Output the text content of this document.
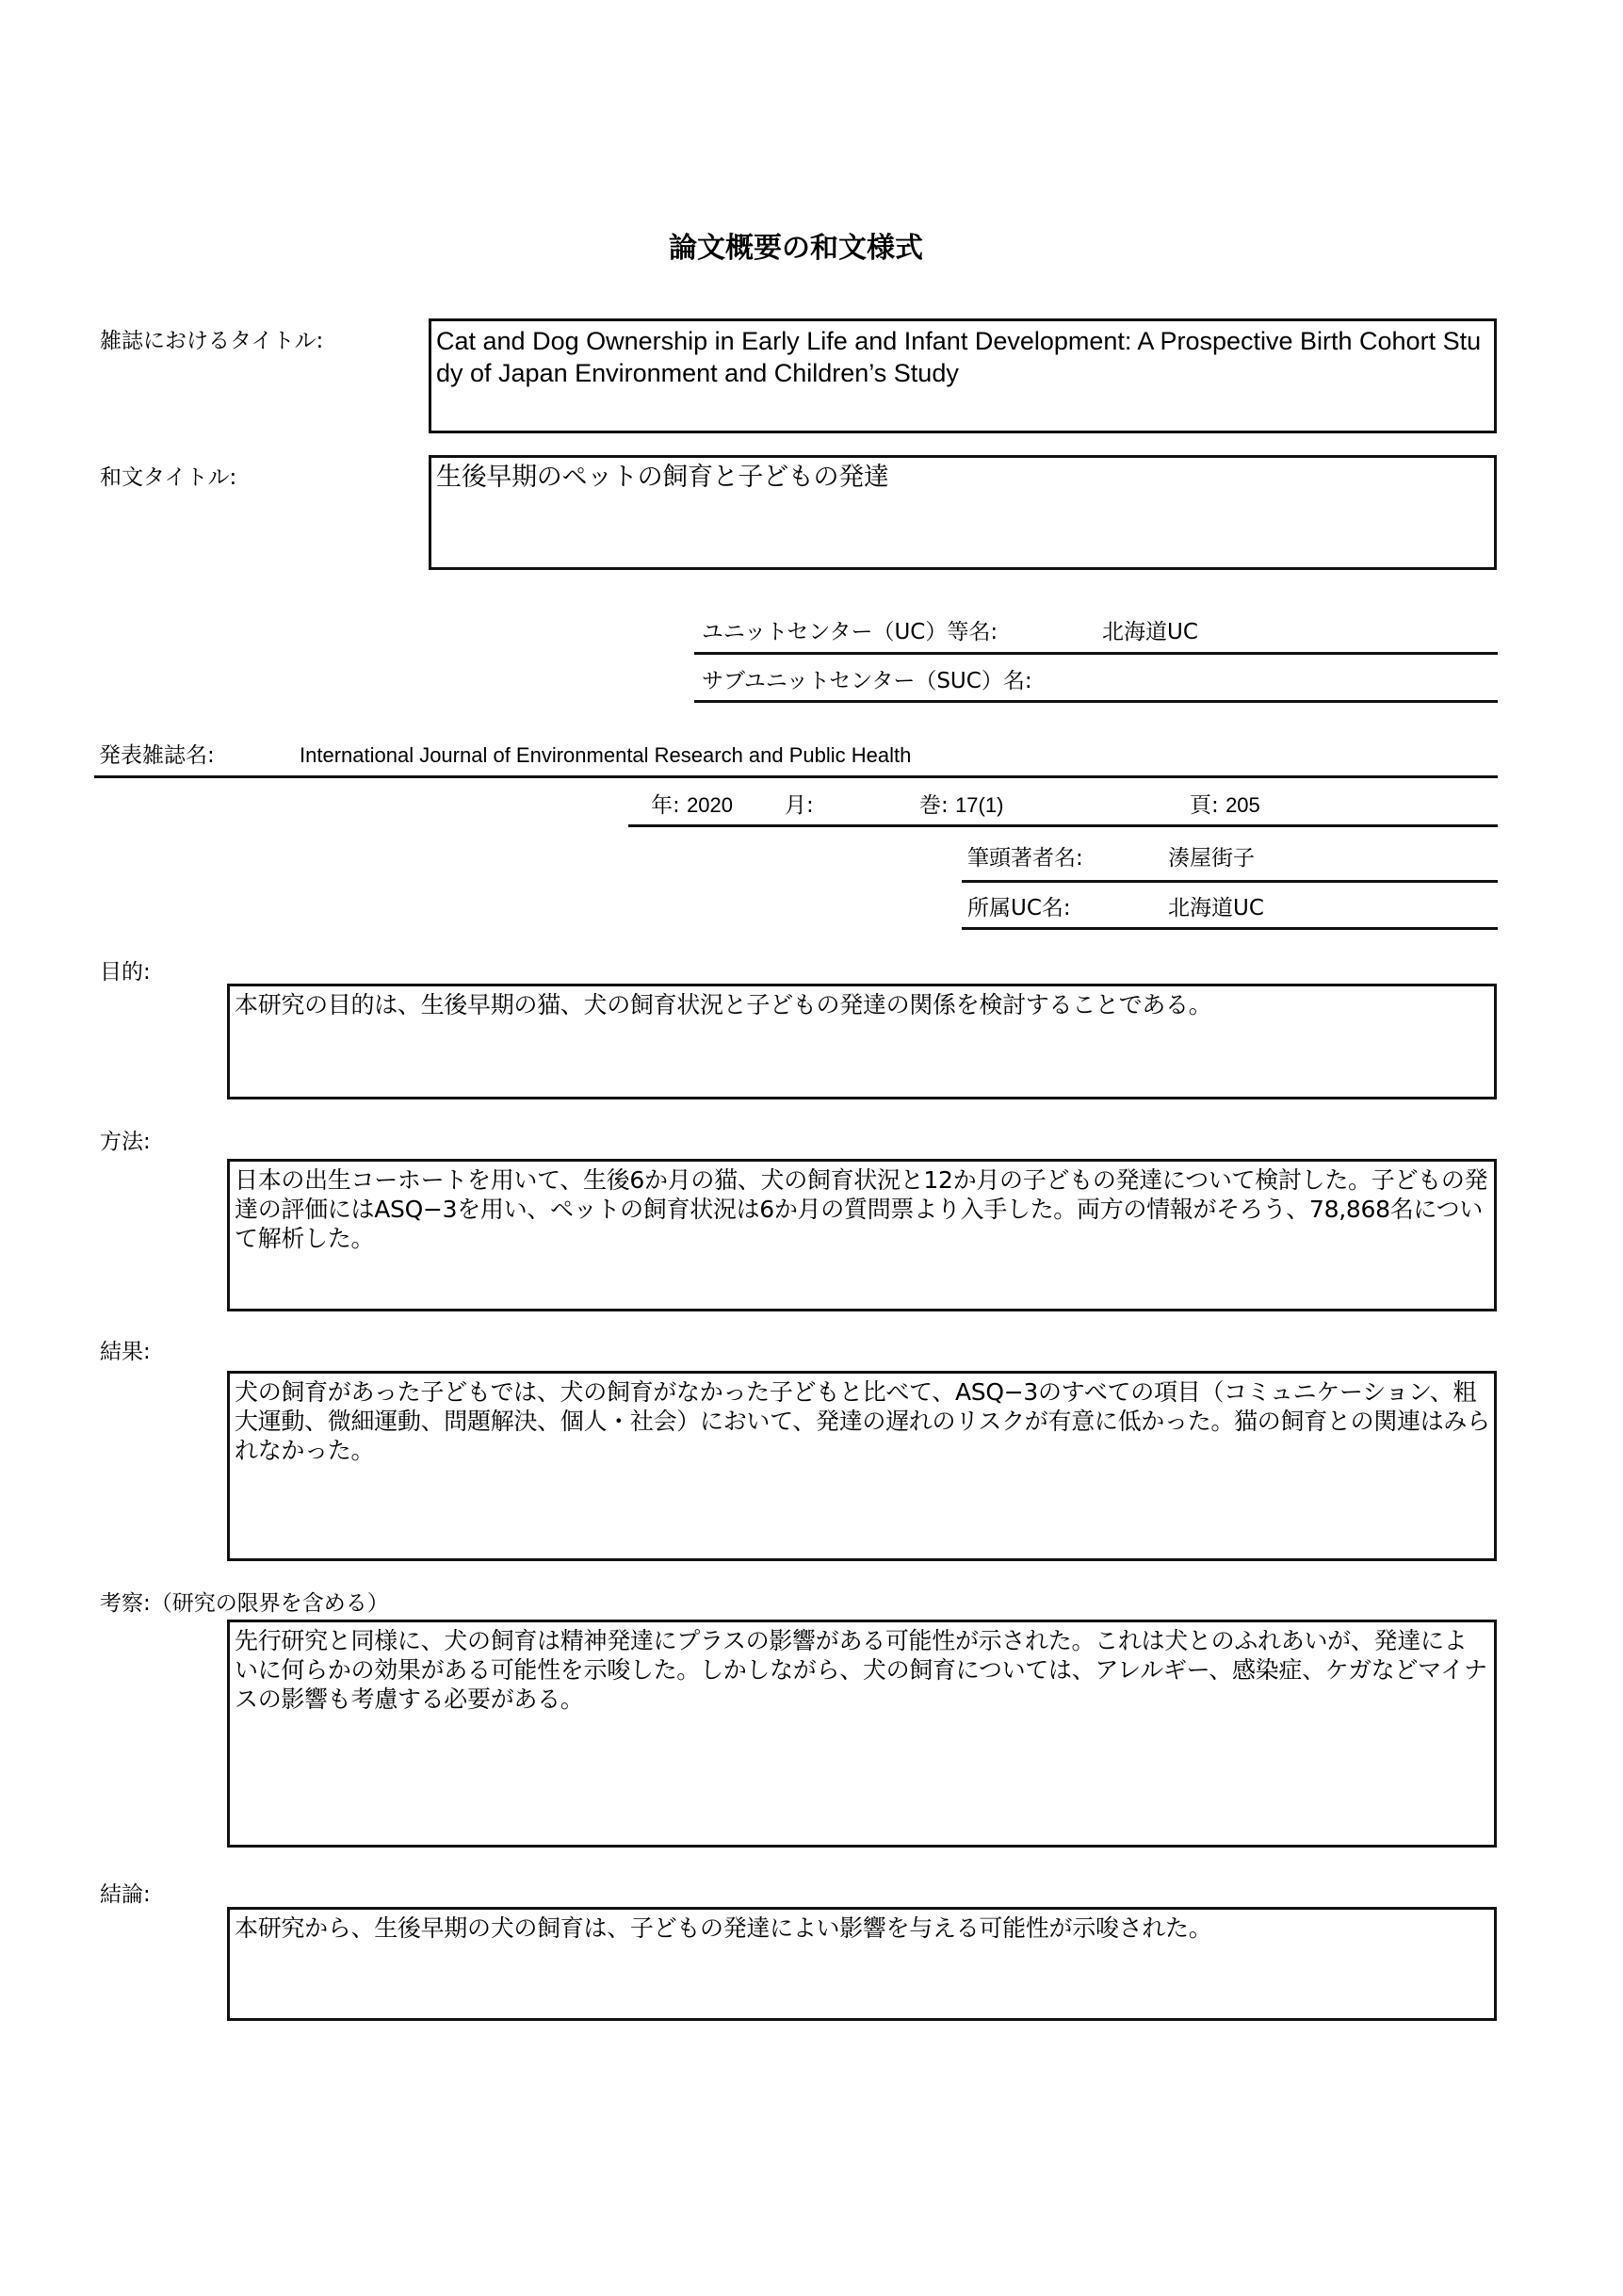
論文概要の和文様式
雑誌におけるタイトル:	Cat and Dog Ownership in Early Life and Infant Development: A Prospective Birth Cohort Study of Japan Environment and Children’s Study
和文タイトル:	生後早期のペットの飼育と子どもの発達
ユニットセンター（UC）等名:	北海道UC
サブユニットセンター（SUC）名:
発表雑誌名:	International Journal of Environmental Research and Public Health
年: 2020 月:	巻: 17(1)	頁: 205
筆頭著者名:	湊屋街子
所属UC名:	北海道UC
目的:
本研究の目的は、生後早期の猫、犬の飼育状況と子どもの発達の関係を検討することである。
方法:
日本の出生コーホートを用いて、生後6か月の猫、犬の飼育状況と12か月の子どもの発達について検討した。子どもの発達の評価にはASQ−3を用い、ペットの飼育状況は6か月の質問票より入手した。両方の情報がそろう、78,868名について解析した。
結果:
犬の飼育があった子どもでは、犬の飼育がなかった子どもと比べて、ASQ−3のすべての項目（コミュニケーション、粗大運動、微細運動、問題解決、個人・社会）において、発達の遅れのリスクが有意に低かった。猫の飼育との関連はみられなかった。
考察:（研究の限界を含める）
先行研究と同様に、犬の飼育は精神発達にプラスの影響がある可能性が示された。これは犬とのふれあいが、発達によいに何らかの効果がある可能性を示唆した。しかしながら、犬の飼育については、アレルギー、感染症、ケガなどマイナスの影響も考慮する必要がある。
結論:
本研究から、生後早期の犬の飼育は、子どもの発達によい影響を与える可能性が示唆された。
